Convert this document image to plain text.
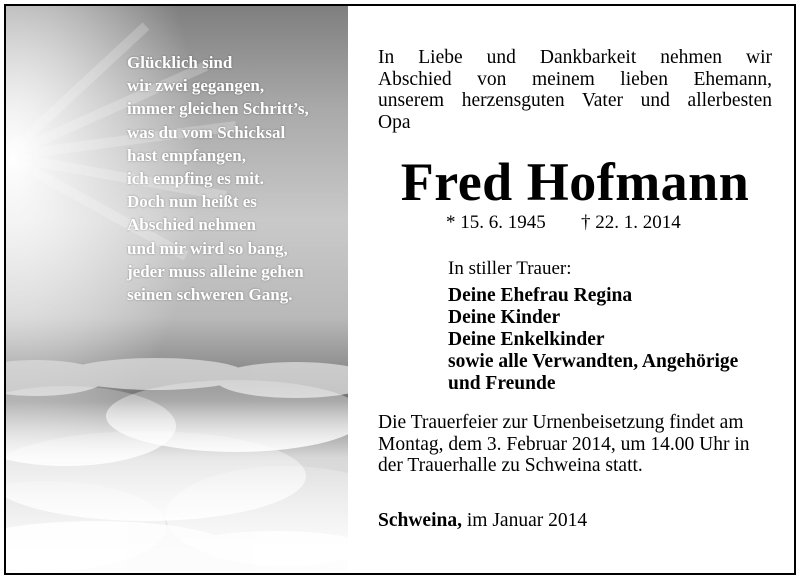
Glücklich sind
wir zwei gegangen,
immer gleichen Schritt’s,
was du vom Schicksal
hast empfangen,
ich empfing es mit.
Doch nun heißt es
Abschied nehmen
und mir wird so bang,
jeder muss alleine gehen
seinen schweren Gang.
In Liebe und Dankbarkeit nehmen wir
Abschied von meinem lieben Ehemann,
unserem herzensguten Vater und allerbesten
Opa
Fred Hofmann
* 15. 6. 1945 † 22. 1. 2014
In stiller Trauer:
Deine Ehefrau Regina
Deine Kinder
Deine Enkelkinder
sowie alle Verwandten, Angehörige
und Freunde
Die Trauerfeier zur Urnenbeisetzung findet am
Montag, dem 3. Februar 2014, um 14.00 Uhr in
der Trauerhalle zu Schweina statt.
Schweina, im Januar 2014
